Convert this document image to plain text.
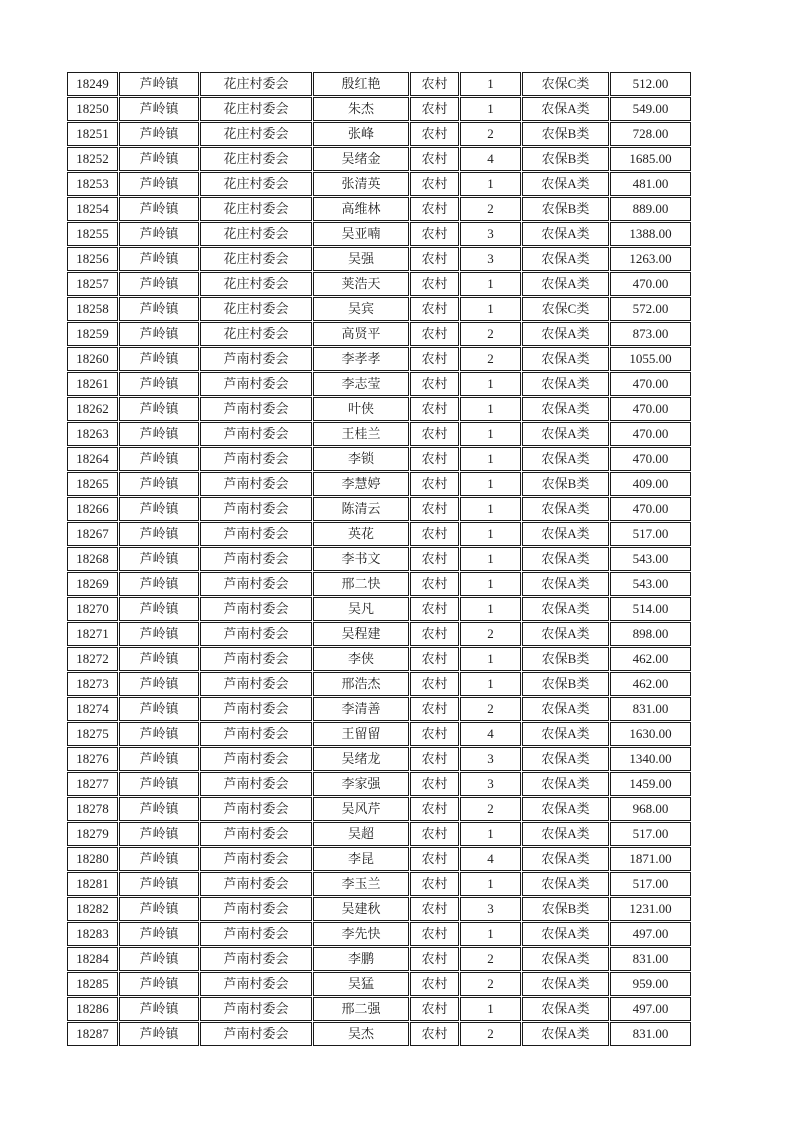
18249	芦岭镇	花庄村委会	殷红艳	农村	1	农保C类	512.00
18250	芦岭镇	花庄村委会	朱杰	农村	1	农保A类	549.00
18251	芦岭镇	花庄村委会	张峰	农村	2	农保B类	728.00
18252	芦岭镇	花庄村委会	吴绪金	农村	4	农保B类	1685.00
18253	芦岭镇	花庄村委会	张清英	农村	1	农保A类	481.00
18254	芦岭镇	花庄村委会	高维林	农村	2	农保B类	889.00
18255	芦岭镇	花庄村委会	吴亚喃	农村	3	农保A类	1388.00
18256	芦岭镇	花庄村委会	吴强	农村	3	农保A类	1263.00
18257	芦岭镇	花庄村委会	荚浩天	农村	1	农保A类	470.00
18258	芦岭镇	花庄村委会	吴宾	农村	1	农保C类	572.00
18259	芦岭镇	花庄村委会	高贤平	农村	2	农保A类	873.00
18260	芦岭镇	芦南村委会	李孝孝	农村	2	农保A类	1055.00
18261	芦岭镇	芦南村委会	李志莹	农村	1	农保A类	470.00
18262	芦岭镇	芦南村委会	叶侠	农村	1	农保A类	470.00
18263	芦岭镇	芦南村委会	王桂兰	农村	1	农保A类	470.00
18264	芦岭镇	芦南村委会	李锁	农村	1	农保A类	470.00
18265	芦岭镇	芦南村委会	李慧婷	农村	1	农保B类	409.00
18266	芦岭镇	芦南村委会	陈清云	农村	1	农保A类	470.00
18267	芦岭镇	芦南村委会	英花	农村	1	农保A类	517.00
18268	芦岭镇	芦南村委会	李书文	农村	1	农保A类	543.00
18269	芦岭镇	芦南村委会	邢二快	农村	1	农保A类	543.00
18270	芦岭镇	芦南村委会	吴凡	农村	1	农保A类	514.00
18271	芦岭镇	芦南村委会	吴程建	农村	2	农保A类	898.00
18272	芦岭镇	芦南村委会	李侠	农村	1	农保B类	462.00
18273	芦岭镇	芦南村委会	邢浩杰	农村	1	农保B类	462.00
18274	芦岭镇	芦南村委会	李清善	农村	2	农保A类	831.00
18275	芦岭镇	芦南村委会	王留留	农村	4	农保A类	1630.00
18276	芦岭镇	芦南村委会	吴绪龙	农村	3	农保A类	1340.00
18277	芦岭镇	芦南村委会	李家强	农村	3	农保A类	1459.00
18278	芦岭镇	芦南村委会	吴风芹	农村	2	农保A类	968.00
18279	芦岭镇	芦南村委会	吴超	农村	1	农保A类	517.00
18280	芦岭镇	芦南村委会	李昆	农村	4	农保A类	1871.00
18281	芦岭镇	芦南村委会	李玉兰	农村	1	农保A类	517.00
18282	芦岭镇	芦南村委会	吴建秋	农村	3	农保B类	1231.00
18283	芦岭镇	芦南村委会	李先快	农村	1	农保A类	497.00
18284	芦岭镇	芦南村委会	李鹏	农村	2	农保A类	831.00
18285	芦岭镇	芦南村委会	吴猛	农村	2	农保A类	959.00
18286	芦岭镇	芦南村委会	邢二强	农村	1	农保A类	497.00
18287	芦岭镇	芦南村委会	吴杰	农村	2	农保A类	831.00
